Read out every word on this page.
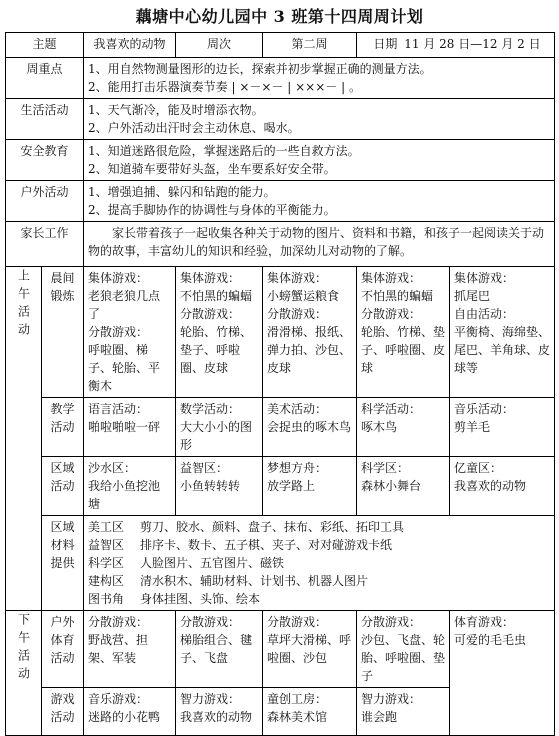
藕塘中心幼儿园中 3 班第十四周周计划
主题		我喜欢的动物	周次	第二周	日期 11 月 28 日—12 月 2 日	
周重点		1、用自然物测量图形的边长，探索并初步掌握正确的测量方法。
2、能用打击乐器演奏节奏 | ×－×－ | ×××－ | 。				

生活活动		1、天气渐冷，能及时增添衣物。
2、户外活动出汗时会主动休息、喝水。				

安全教育		1、知道迷路很危险，掌握迷路后的一些自救方法。
2、知道骑车要带好头盔，坐车要系好安全带。				

户外活动		1、增强追捕、躲闪和钻跑的能力。
2、提高手脚协作的协调性与身体的平衡能力。				

家长工作		家长带着孩子一起收集各种关于动物的图片、资料和书籍，和孩子一起阅读关于动物的故事，丰富幼儿的知识和经验，加深幼儿对动物的了解。				

上午活动	晨间锻炼	集体游戏：
老狼老狼几点了
分散游戏：
呼啦圈、梯子、轮胎、平衡木	集体游戏：
不怕黑的蝙蝠
分散游戏：
轮胎、竹梯、垫子、呼啦圈、皮球	集体游戏：
小螃蟹运粮食
分散游戏：
滑滑梯、报纸、弹力拍、沙包、皮球	集体游戏：
不怕黑的蝙蝠
分散游戏：
轮胎、竹梯、垫子、呼啦圈、皮球	集体游戏：
抓尾巴
自由活动：
平衡椅、海绵垫、尾巴、羊角球、皮球等

	教学活动	语言活动：
啪啦啪啦一砰	数学活动：
大大小小的图形	美术活动：
会捉虫的啄木鸟	科学活动：
啄木鸟	音乐活动：
剪羊毛

	区域活动	沙水区：
我给小鱼挖池塘	益智区：
小鱼转转转	梦想方舟：
放学路上	科学区：
森林小舞台	亿童区：
我喜欢的动物

	区域材料提供	美工区 剪刀、胶水、颜料、盘子、抹布、彩纸、拓印工具
益智区 排序卡、数卡、五子棋、夹子、对对碰游戏卡纸
科学区 人脸图片、五官图片、磁铁
建构区 清水积木、辅助材料、计划书、机器人图片
图书角 身体挂图、头饰、绘本				

下午活动	户外体育活动	分散游戏：
野战营、担架、军装	分散游戏：
梯胎组合、毽子、飞盘	分散游戏：
草坪大滑梯、呼啦圈、沙包	分散游戏：
沙包、飞盘、轮胎、呼啦圈、垫子	体育游戏：
可爱的毛毛虫

	游戏活动	音乐游戏：
迷路的小花鸭	智力游戏：
我喜欢的动物	童创工房：
森林美术馆	智力游戏：
谁会跑	
